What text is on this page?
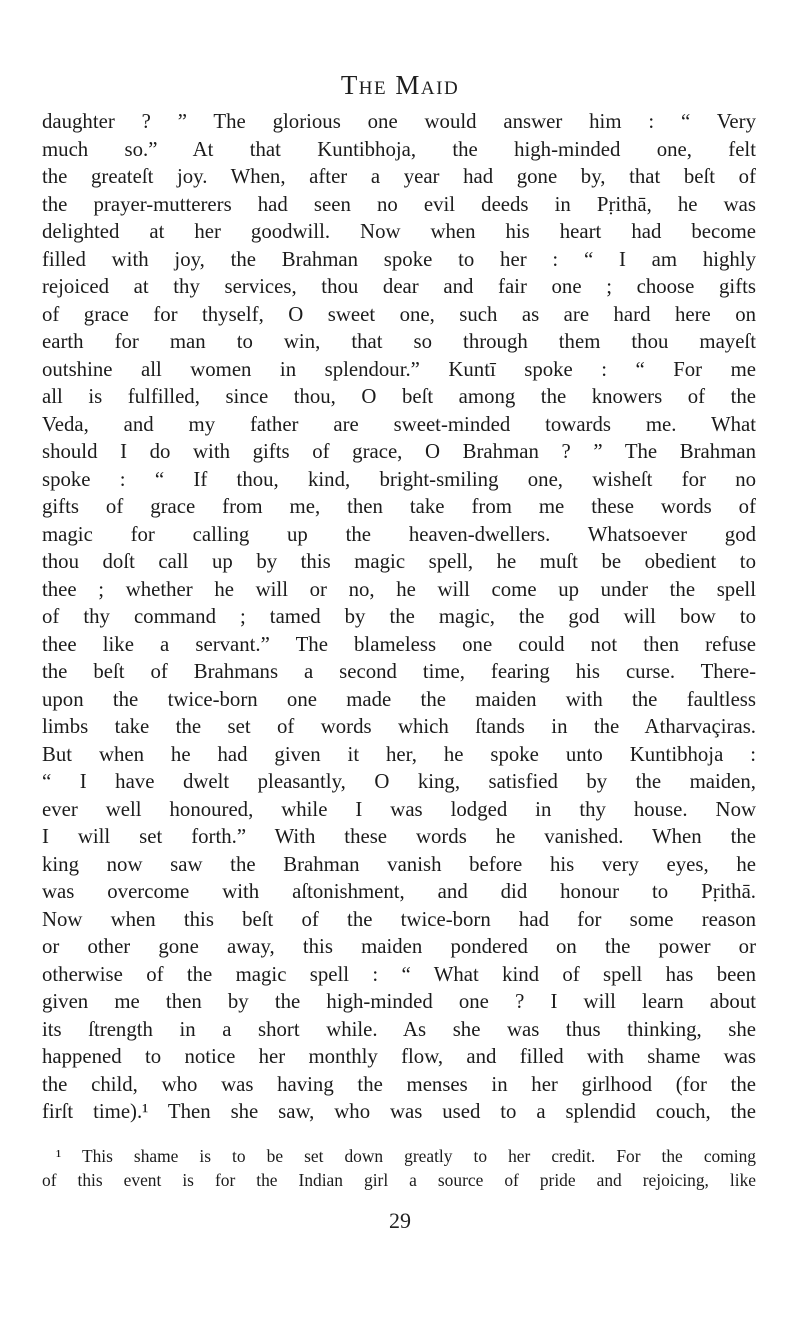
The Maid
daughter ? ” The glorious one would answer him : “ Very
much so.” At that Kuntibhoja, the high-minded one, felt
the greateſt joy. When, after a year had gone by, that beſt of
the prayer-mutterers had seen no evil deeds in Pṛithā, he was
delighted at her goodwill. Now when his heart had become
filled with joy, the Brahman spoke to her : “ I am highly
rejoiced at thy services, thou dear and fair one ; choose gifts
of grace for thyself, O sweet one, such as are hard here on
earth for man to win, that so through them thou mayeſt
outshine all women in splendour.” Kuntī spoke : “ For me
all is fulfilled, since thou, O beſt among the knowers of the
Veda, and my father are sweet-minded towards me. What
should I do with gifts of grace, O Brahman ? ” The Brahman
spoke : “ If thou, kind, bright-smiling one, wisheſt for no
gifts of grace from me, then take from me these words of
magic for calling up the heaven-dwellers. Whatsoever god
thou doſt call up by this magic spell, he muſt be obedient to
thee ; whether he will or no, he will come up under the spell
of thy command ; tamed by the magic, the god will bow to
thee like a servant.” The blameless one could not then refuse
the beſt of Brahmans a second time, fearing his curse. There-
upon the twice-born one made the maiden with the faultless
limbs take the set of words which ſtands in the Atharvaçiras.
But when he had given it her, he spoke unto Kuntibhoja :
“ I have dwelt pleasantly, O king, satisfied by the maiden,
ever well honoured, while I was lodged in thy house. Now
I will set forth.” With these words he vanished. When the
king now saw the Brahman vanish before his very eyes, he
was overcome with aſtonishment, and did honour to Pṛithā.
Now when this beſt of the twice-born had for some reason
or other gone away, this maiden pondered on the power or
otherwise of the magic spell : “ What kind of spell has been
given me then by the high-minded one ? I will learn about
its ſtrength in a short while. As she was thus thinking, she
happened to notice her monthly flow, and filled with shame was
the child, who was having the menses in her girlhood (for the
firſt time).¹ Then she saw, who was used to a splendid couch, the
¹ This shame is to be set down greatly to her credit. For the coming
of this event is for the Indian girl a source of pride and rejoicing, like
29
